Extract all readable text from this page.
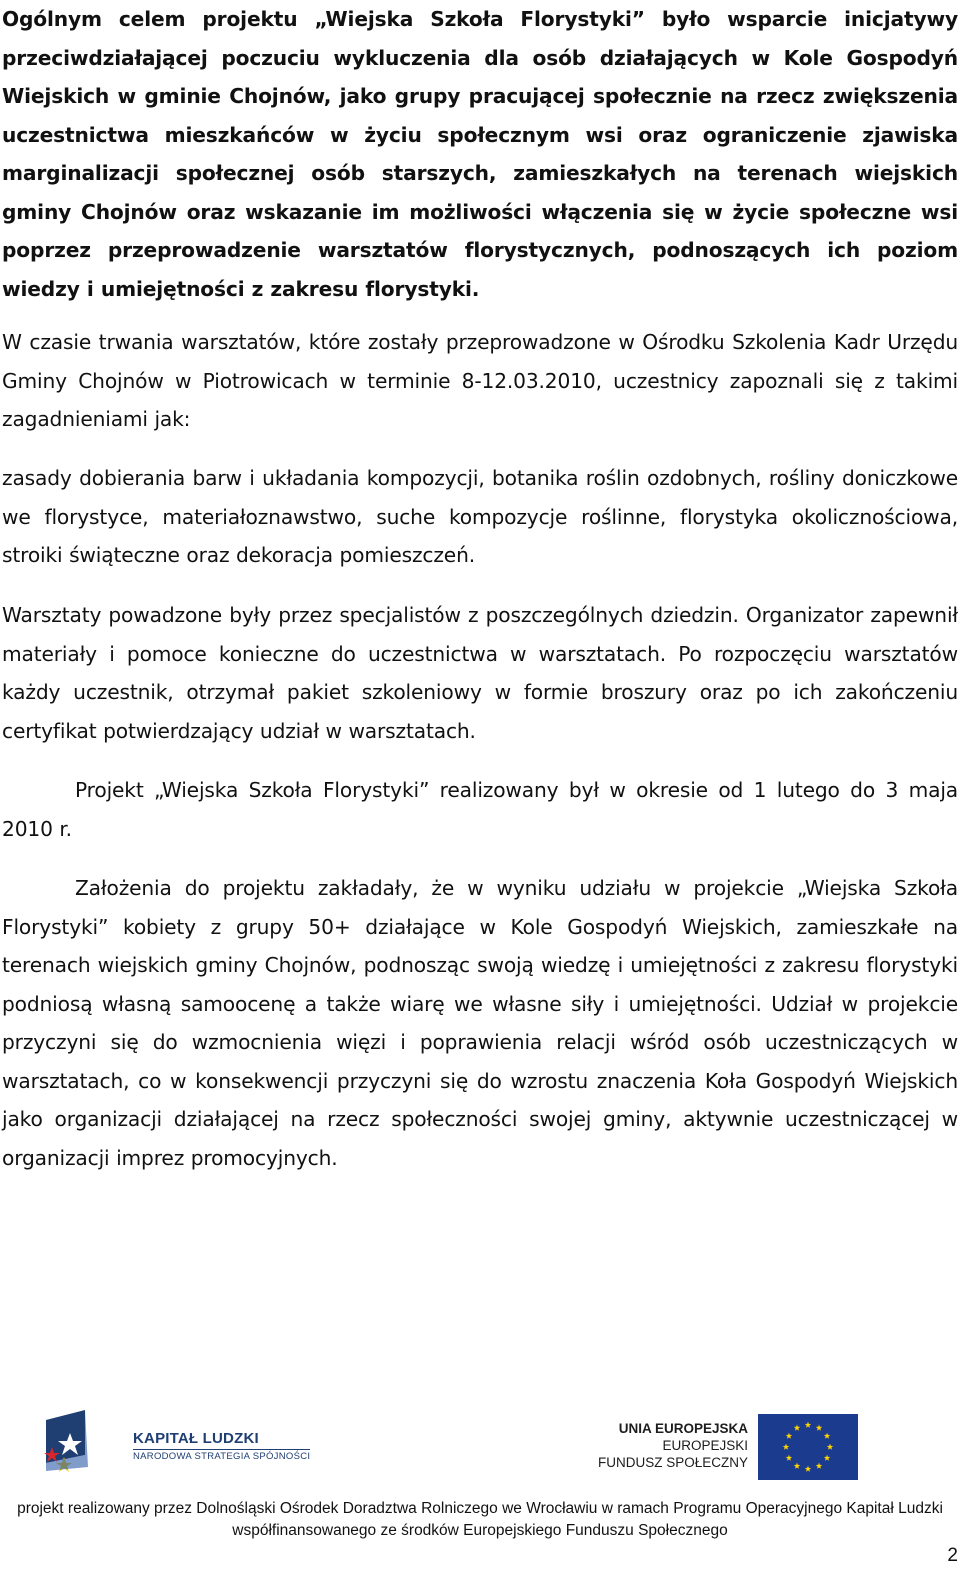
Ogólnym celem projektu „Wiejska Szkoła Florystyki” było wsparcie inicjatywy przeciwdziałającej poczuciu wykluczenia dla osób działających w Kole Gospodyń Wiejskich w gminie Chojnów, jako grupy pracującej społecznie na rzecz zwiększenia uczestnictwa mieszkańców w życiu społecznym wsi oraz ograniczenie zjawiska marginalizacji społecznej osób starszych, zamieszkałych na terenach wiejskich gminy Chojnów oraz wskazanie im możliwości włączenia się w życie społeczne wsi poprzez przeprowadzenie warsztatów florystycznych, podnoszących ich poziom wiedzy i umiejętności z zakresu florystyki.

W czasie trwania warsztatów, które zostały przeprowadzone w Ośrodku Szkolenia Kadr Urzędu Gminy Chojnów w Piotrowicach w terminie 8-12.03.2010, uczestnicy zapoznali się z takimi zagadnieniami jak:

zasady dobierania barw i układania kompozycji, botanika roślin ozdobnych, rośliny doniczkowe we florystyce, materiałoznawstwo, suche kompozycje roślinne, florystyka okolicznościowa, stroiki świąteczne oraz dekoracja pomieszczeń.

Warsztaty powadzone były przez specjalistów z poszczególnych dziedzin. Organizator zapewnił materiały i pomoce konieczne do uczestnictwa w warsztatach. Po rozpoczęciu warsztatów każdy uczestnik, otrzymał pakiet szkoleniowy w formie broszury oraz po ich zakończeniu certyfikat potwierdzający udział w warsztatach.

Projekt „Wiejska Szkoła Florystyki” realizowany był w okresie od 1 lutego do 3 maja 2010 r.

Założenia do projektu zakładały, że w wyniku udziału w projekcie „Wiejska Szkoła Florystyki” kobiety z grupy 50+ działające w Kole Gospodyń Wiejskich, zamieszkałe na terenach wiejskich gminy Chojnów, podnosząc swoją wiedzę i umiejętności z zakresu florystyki podniosą własną samoocenę a także wiarę we własne siły i umiejętności. Udział w projekcie przyczyni się do wzmocnienia więzi i poprawienia relacji wśród osób uczestniczących w warsztatach, co w konsekwencji przyczyni się do wzrostu znaczenia Koła Gospodyń Wiejskich jako organizacji działającej na rzecz społeczności swojej gminy, aktywnie uczestniczącej w organizacji imprez promocyjnych.

KAPITAŁ LUDZKI
NARODOWA STRATEGIA SPÓJNOŚCI
UNIA EUROPEJSKA
EUROPEJSKI
FUNDUSZ SPOŁECZNY
projekt realizowany przez Dolnośląski Ośrodek Doradztwa Rolniczego we Wrocławiu w ramach Programu Operacyjnego Kapitał Ludzki
współfinansowanego ze środków Europejskiego Funduszu Społecznego
2
